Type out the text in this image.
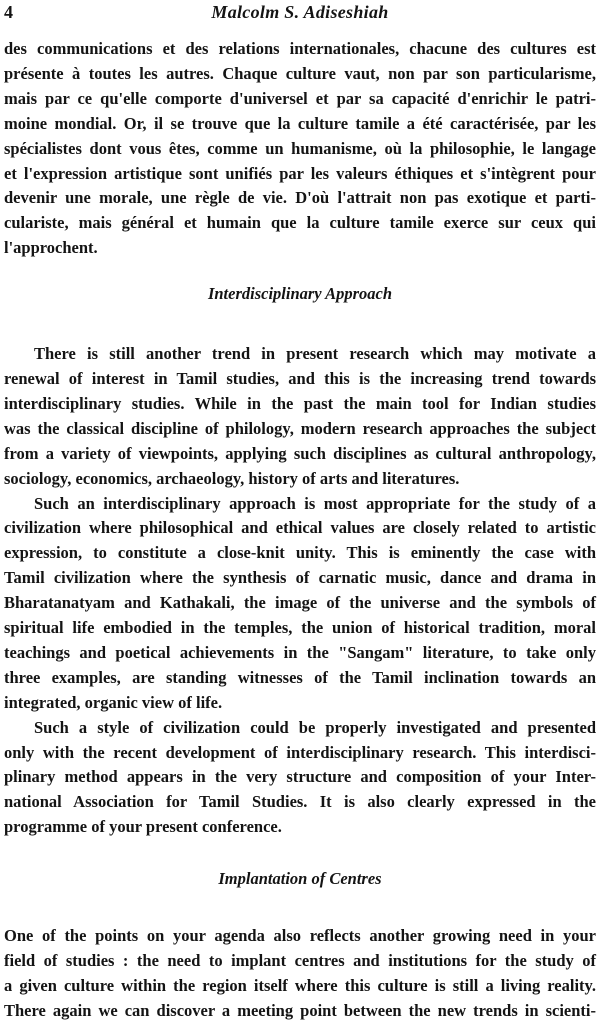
4	Malcolm S. Adiseshiah

des communications et des relations internationales, chacune des cultures est
présente à toutes les autres. Chaque culture vaut, non par son particularisme,
mais par ce qu'elle comporte d'universel et par sa capacité d'enrichir le patri-
moine mondial. Or, il se trouve que la culture tamile a été caractérisée, par les
spécialistes dont vous êtes, comme un humanisme, où la philosophie, le langage
et l'expression artistique sont unifiés par les valeurs éthiques et s'intègrent pour
devenir une morale, une règle de vie. D'où l'attrait non pas exotique et parti-
culariste, mais général et humain que la culture tamile exerce sur ceux qui
l'approchent.

Interdisciplinary Approach

There is still another trend in present research which may motivate a
renewal of interest in Tamil studies, and this is the increasing trend towards
interdisciplinary studies. While in the past the main tool for Indian studies
was the classical discipline of philology, modern research approaches the subject
from a variety of viewpoints, applying such disciplines as cultural anthropology,
sociology, economics, archaeology, history of arts and literatures.

Such an interdisciplinary approach is most appropriate for the study of a
civilization where philosophical and ethical values are closely related to artistic
expression, to constitute a close-knit unity. This is eminently the case with
Tamil civilization where the synthesis of carnatic music, dance and drama in
Bharatanatyam and Kathakali, the image of the universe and the symbols of
spiritual life embodied in the temples, the union of historical tradition, moral
teachings and poetical achievements in the "Sangam" literature, to take only
three examples, are standing witnesses of the Tamil inclination towards an
integrated, organic view of life.

Such a style of civilization could be properly investigated and presented
only with the recent development of interdisciplinary research. This interdisci-
plinary method appears in the very structure and composition of your Inter-
national Association for Tamil Studies. It is also clearly expressed in the
programme of your present conference.

Implantation of Centres

One of the points on your agenda also reflects another growing need in your
field of studies : the need to implant centres and institutions for the study of
a given culture within the region itself where this culture is still a living reality.
There again we can discover a meeting point between the new trends in scienti-
